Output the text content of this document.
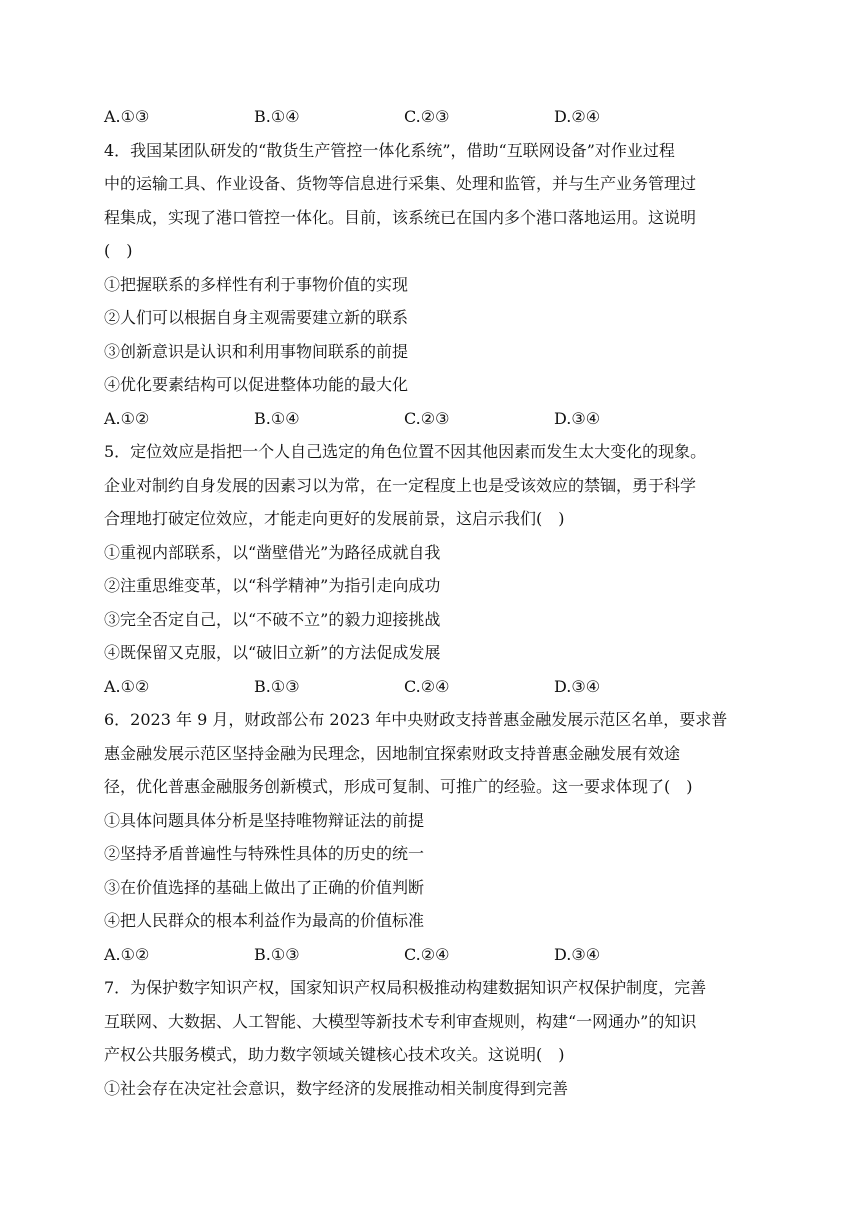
A.①③	B.①④	C.②③	D.②④
4．我国某团队研发的“散货生产管控一体化系统”，借助“互联网设备”对作业过程
中的运输工具、作业设备、货物等信息进行采集、处理和监管，并与生产业务管理过
程集成，实现了港口管控一体化。目前，该系统已在国内多个港口落地运用。这说明
(　)
①把握联系的多样性有利于事物价值的实现
②人们可以根据自身主观需要建立新的联系
③创新意识是认识和利用事物间联系的前提
④优化要素结构可以促进整体功能的最大化
A.①②	B.①④	C.②③	D.③④
5．定位效应是指把一个人自己选定的角色位置不因其他因素而发生太大变化的现象。
企业对制约自身发展的因素习以为常，在一定程度上也是受该效应的禁锢，勇于科学
合理地打破定位效应，才能走向更好的发展前景，这启示我们(　)
①重视内部联系，以“凿壁借光”为路径成就自我
②注重思维变革，以“科学精神”为指引走向成功
③完全否定自己，以“不破不立”的毅力迎接挑战
④既保留又克服，以“破旧立新”的方法促成发展
A.①②	B.①③	C.②④	D.③④
6．2023 年 9 月，财政部公布 2023 年中央财政支持普惠金融发展示范区名单，要求普
惠金融发展示范区坚持金融为民理念，因地制宜探索财政支持普惠金融发展有效途
径，优化普惠金融服务创新模式，形成可复制、可推广的经验。这一要求体现了(　)
①具体问题具体分析是坚持唯物辩证法的前提
②坚持矛盾普遍性与特殊性具体的历史的统一
③在价值选择的基础上做出了正确的价值判断
④把人民群众的根本利益作为最高的价值标准
A.①②	B.①③	C.②④	D.③④
7．为保护数字知识产权，国家知识产权局积极推动构建数据知识产权保护制度，完善
互联网、大数据、人工智能、大模型等新技术专利审查规则，构建“一网通办”的知识
产权公共服务模式，助力数字领域关键核心技术攻关。这说明(　)
①社会存在决定社会意识，数字经济的发展推动相关制度得到完善
